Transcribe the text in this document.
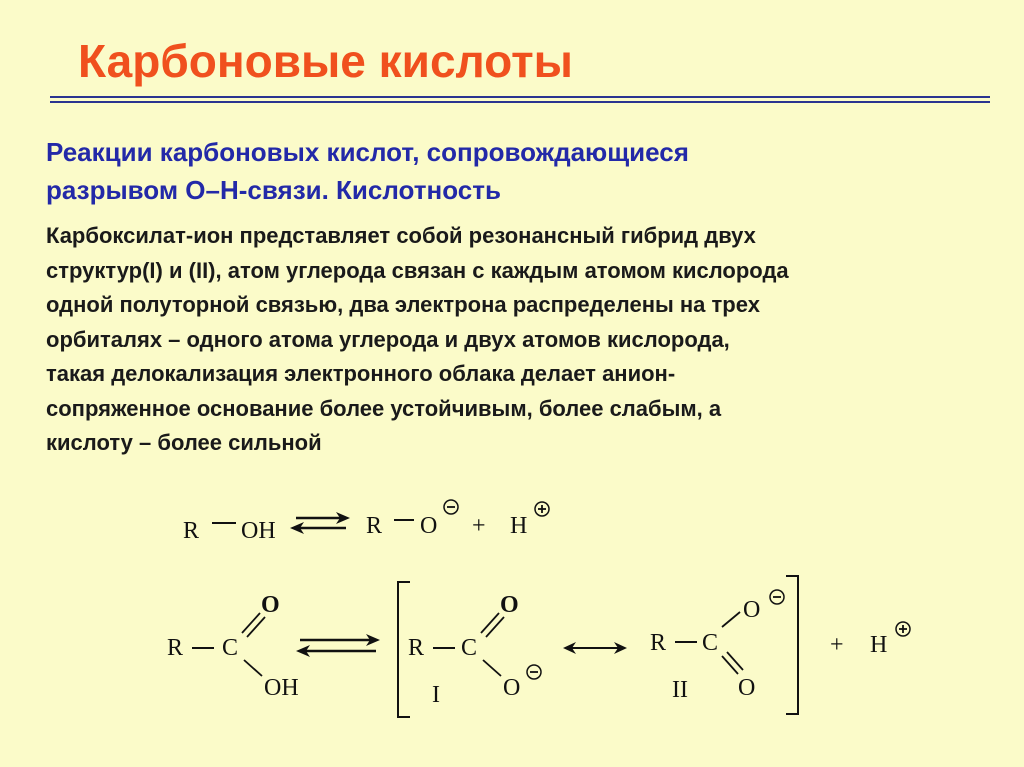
Карбоновые кислоты

Реакции карбоновых кислот, сопровождающиеся
разрывом О–Н-связи. Кислотность

Карбоксилат-ион представляет собой резонансный гибрид двух
структур(I) и (II), атом углерода связан с каждым атомом кислорода
одной полуторной связью, два электрона распределены на трех
орбиталях – одного атома углерода и двух атомов кислорода,
такая делокализация электронного облака делает анион-
сопряженное основание более устойчивым, более слабым, а
кислоту – более сильной

R OH	R O + H
R C
O
OH
R C
O
O
I
R C
O
O
II
+ H
